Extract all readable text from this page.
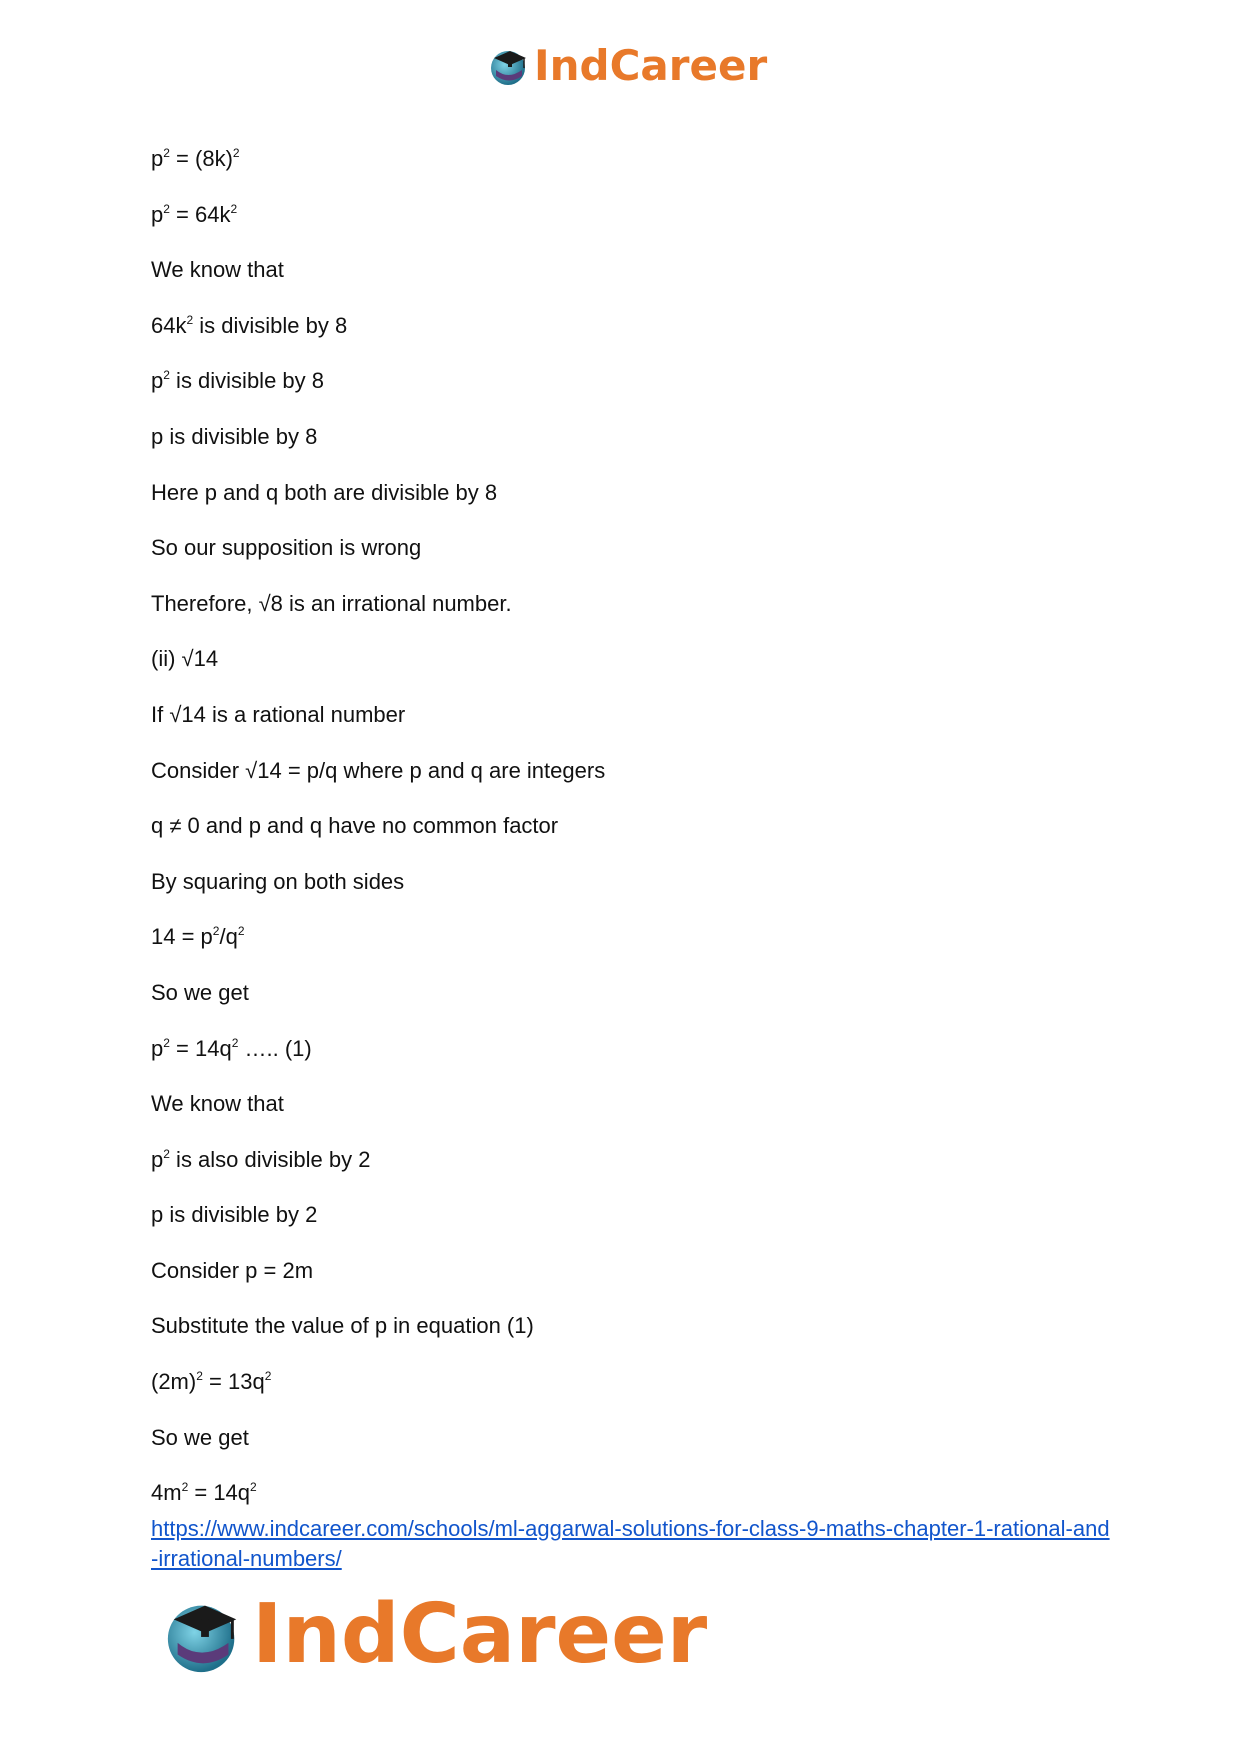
IndCareer
$p^2 = (8k)^2$
$p^2 = 64k^2$
We know that
$64k^2$ is divisible by 8
$p^2$ is divisible by 8
p is divisible by 8
Here p and q both are divisible by 8
So our supposition is wrong
Therefore, √8 is an irrational number.
(ii) √14
If √14 is a rational number
Consider √14 = p/q where p and q are integers
q ≠ 0 and p and q have no common factor
By squaring on both sides
$14 = p^2/q^2$
So we get
$p^2 = 14q^2$ ….. (1)
We know that
$p^2$ is also divisible by 2
p is divisible by 2
Consider p = 2m
Substitute the value of p in equation (1)
$(2m)^2 = 13q^2$
So we get
$4m^2 = 14q^2$
https://www.indcareer.com/schools/ml-aggarwal-solutions-for-class-9-maths-chapter-1-rational-and-irrational-numbers/
IndCareer
